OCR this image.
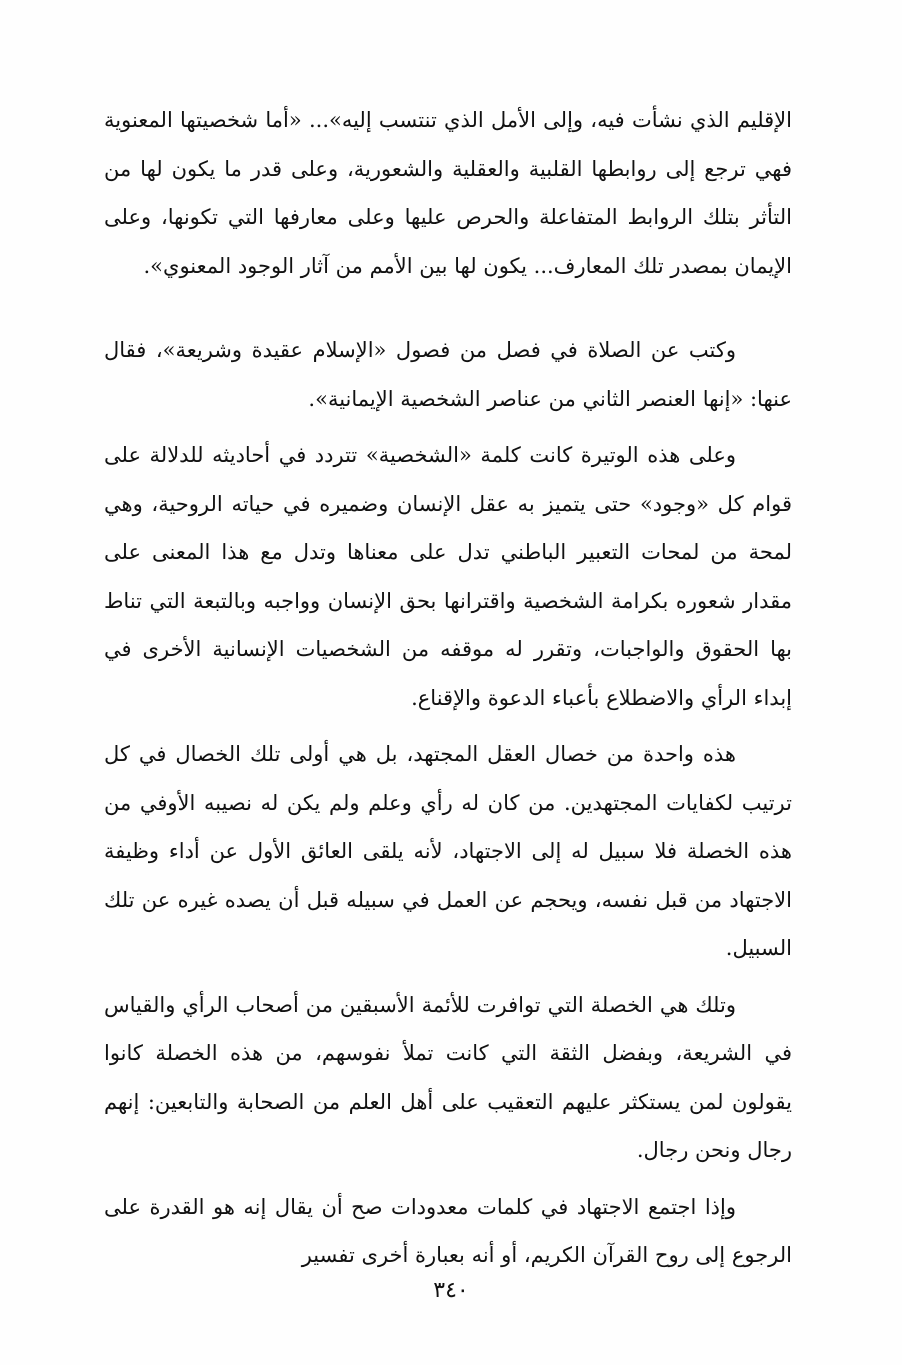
الإقليم الذي نشأت فيه، وإلى الأمل الذي تنتسب إليه»... «أما شخصيتها المعنوية فهي ترجع إلى روابطها القلبية والعقلية والشعورية، وعلى قدر ما يكون لها من التأثر بتلك الروابط المتفاعلة والحرص عليها وعلى معارفها التي تكونها، وعلى الإيمان بمصدر تلك المعارف... يكون لها بين الأمم من آثار الوجود المعنوي».

وكتب عن الصلاة في فصل من فصول «الإسلام عقيدة وشريعة»، فقال عنها: «إنها العنصر الثاني من عناصر الشخصية الإيمانية».

وعلى هذه الوتيرة كانت كلمة «الشخصية» تتردد في أحاديثه للدلالة على قوام كل «وجود» حتى يتميز به عقل الإنسان وضميره في حياته الروحية، وهي لمحة من لمحات التعبير الباطني تدل على معناها وتدل مع هذا المعنى على مقدار شعوره بكرامة الشخصية واقترانها بحق الإنسان وواجبه وبالتبعة التي تناط بها الحقوق والواجبات، وتقرر له موقفه من الشخصيات الإنسانية الأخرى في إبداء الرأي والاضطلاع بأعباء الدعوة والإقناع.

هذه واحدة من خصال العقل المجتهد، بل هي أولى تلك الخصال في كل ترتيب لكفايات المجتهدين. من كان له رأي وعلم ولم يكن له نصيبه الأوفي من هذه الخصلة فلا سبيل له إلى الاجتهاد، لأنه يلقى العائق الأول عن أداء وظيفة الاجتهاد من قبل نفسه، ويحجم عن العمل في سبيله قبل أن يصده غيره عن تلك السبيل.

وتلك هي الخصلة التي توافرت للأئمة الأسبقين من أصحاب الرأي والقياس في الشريعة، وبفضل الثقة التي كانت تملأ نفوسهم، من هذه الخصلة كانوا يقولون لمن يستكثر عليهم التعقيب على أهل العلم من الصحابة والتابعين: إنهم رجال ونحن رجال.

وإذا اجتمع الاجتهاد في كلمات معدودات صح أن يقال إنه هو القدرة على الرجوع إلى روح القرآن الكريم، أو أنه بعبارة أخرى تفسير

٣٤٠
